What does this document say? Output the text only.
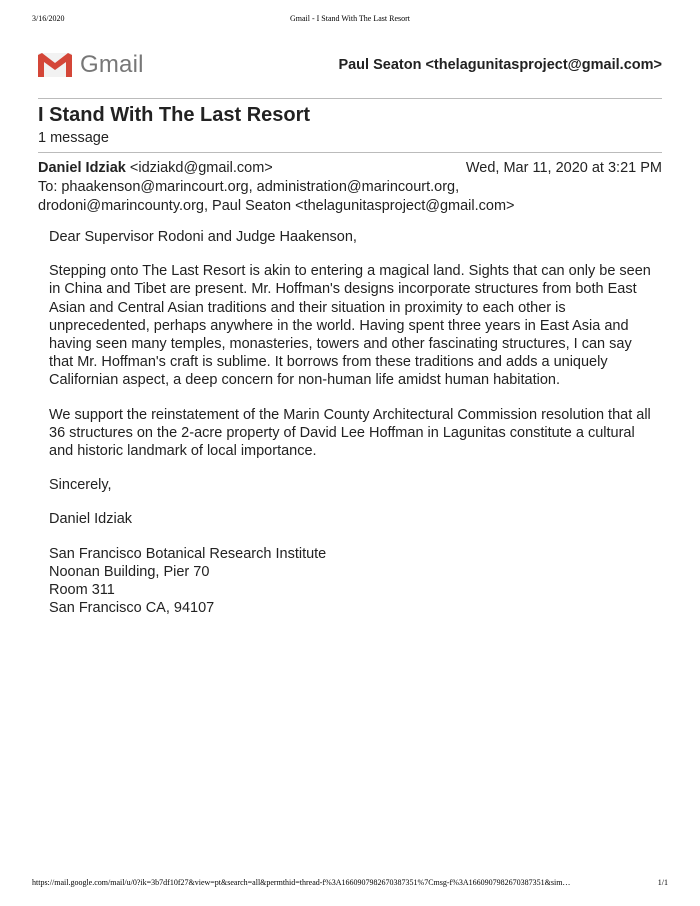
3/16/2020	Gmail - I Stand With The Last Resort
Gmail	Paul Seaton <thelagunitasproject@gmail.com>
I Stand With The Last Resort
1 message
Daniel Idziak <idziakd@gmail.com>	Wed, Mar 11, 2020 at 3:21 PM
To: phaakenson@marincourt.org, administration@marincourt.org,
drodoni@marincounty.org, Paul Seaton <thelagunitasproject@gmail.com>

Dear Supervisor Rodoni and Judge Haakenson,

Stepping onto The Last Resort is akin to entering a magical land. Sights that can only be seen in China and Tibet are present. Mr. Hoffman's designs incorporate structures from both East Asian and Central Asian traditions and their situation in proximity to each other is unprecedented, perhaps anywhere in the world. Having spent three years in East Asia and having seen many temples, monasteries, towers and other fascinating structures, I can say that Mr. Hoffman's craft is sublime. It borrows from these traditions and adds a uniquely Californian aspect, a deep concern for non-human life amidst human habitation.

We support the reinstatement of the Marin County Architectural Commission resolution that all 36 structures on the 2-acre property of David Lee Hoffman in Lagunitas constitute a cultural and historic landmark of local importance.

Sincerely,

Daniel Idziak

San Francisco Botanical Research Institute

Noonan Building, Pier 70

Room 311

San Francisco CA, 94107

https://mail.google.com/mail/u/0?ik=3b7df10f27&view=pt&search=all&permthid=thread-f%3A1660907982670387351%7Cmsg-f%3A1660907982670387351&sim…	1/1
